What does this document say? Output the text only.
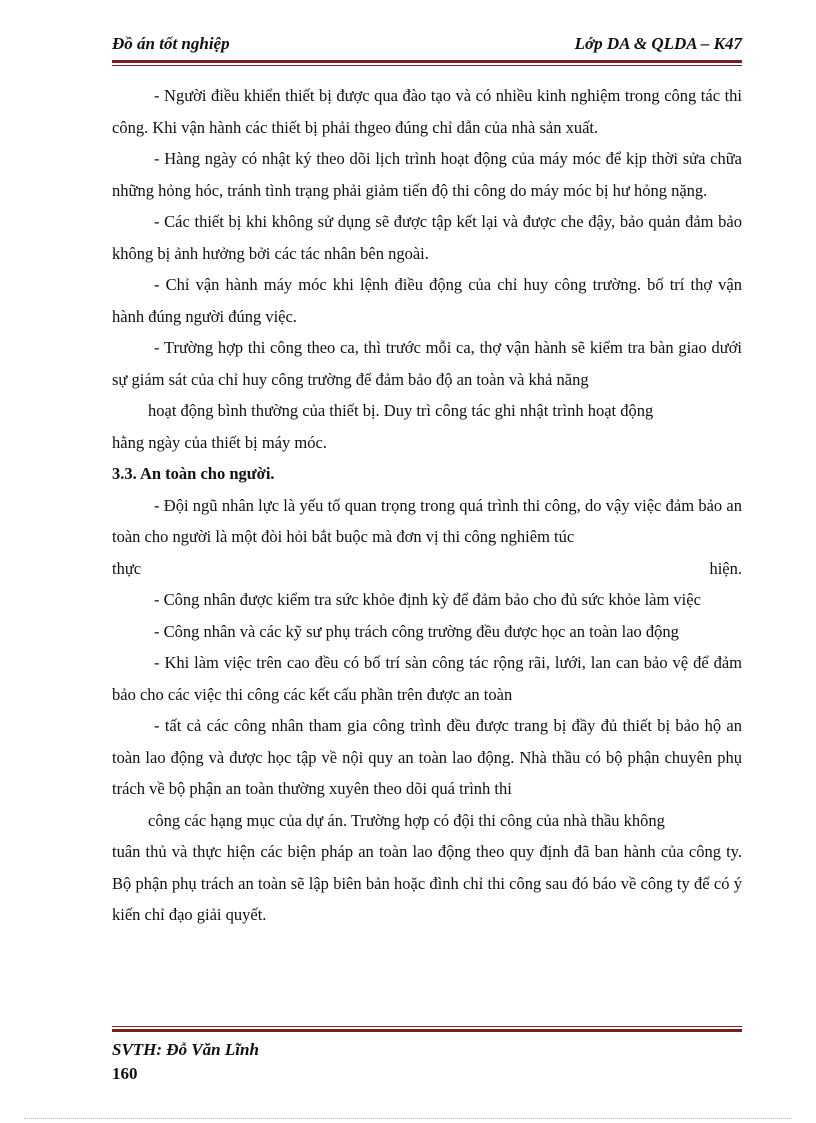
Đồ án tốt nghiệp	Lớp DA & QLDA – K47

- Người điều khiển thiết bị được qua đào tạo và có nhiều kinh nghiệm trong công tác thi công. Khi vận hành các thiết bị phải thgeo đúng chỉ dẫn của nhà sản xuất.

- Hàng ngày có nhật ký theo dõi lịch trình hoạt động của máy móc để kịp thời sửa chữa những hỏng hóc, tránh tình trạng phải giảm tiến độ thi công do máy móc bị hư hỏng nặng.

- Các thiết bị khi không sử dụng sẽ được tập kết lại và được che đậy, bảo quản đảm bảo không bị ảnh hưởng bởi các tác nhân bên ngoài.

- Chỉ vận hành máy móc khi lệnh điều động của chỉ huy công trường. bố trí thợ vận hành đúng người đúng việc.

- Trường hợp thi công theo ca, thì trước mỗi ca, thợ vận hành sẽ kiểm tra bàn giao dưới sự giám sát của chỉ huy công trường để đảm bảo độ an toàn và khả năng

hoạt động bình thường của thiết bị. Duy trì công tác ghi nhật trình hoạt động

hằng ngày của thiết bị máy móc.

3.3. An toàn cho người.

- Đội ngũ nhân lực là yếu tố quan trọng trong quá trình thi công, do vậy việc đảm bảo an toàn cho người là một đòi hỏi bắt buộc mà đơn vị thi công nghiêm túc

thực	hiện.

- Công nhân được kiểm tra sức khỏe định kỳ để đảm bảo cho đủ sức khỏe làm việc

- Công nhân và các kỹ sư phụ trách công trường đều được học an toàn lao động

- Khi làm việc trên cao đều có bố trí sàn công tác rộng rãi, lưới, lan can bảo vệ để đảm bảo cho các việc thi công các kết cấu phần trên được an toàn

- tất cả các công nhân tham gia công trình đều được trang bị đầy đủ thiết bị bảo hộ an toàn lao động và được học tập về nội quy an toàn lao động. Nhà thầu có bộ phận chuyên phụ trách về bộ phận an toàn thường xuyên theo dõi quá trình thi

công các hạng mục của dự án. Trường hợp có đội thi công của nhà thầu không

tuân thủ và thực hiện các biện pháp an toàn lao động theo quy định đã ban hành của công ty. Bộ phận phụ trách an toàn sẽ lập biên bản hoặc đình chỉ thi công sau đó báo về công ty để có ý kiến chỉ đạo giải quyết.

SVTH: Đỗ Văn Lĩnh
160
